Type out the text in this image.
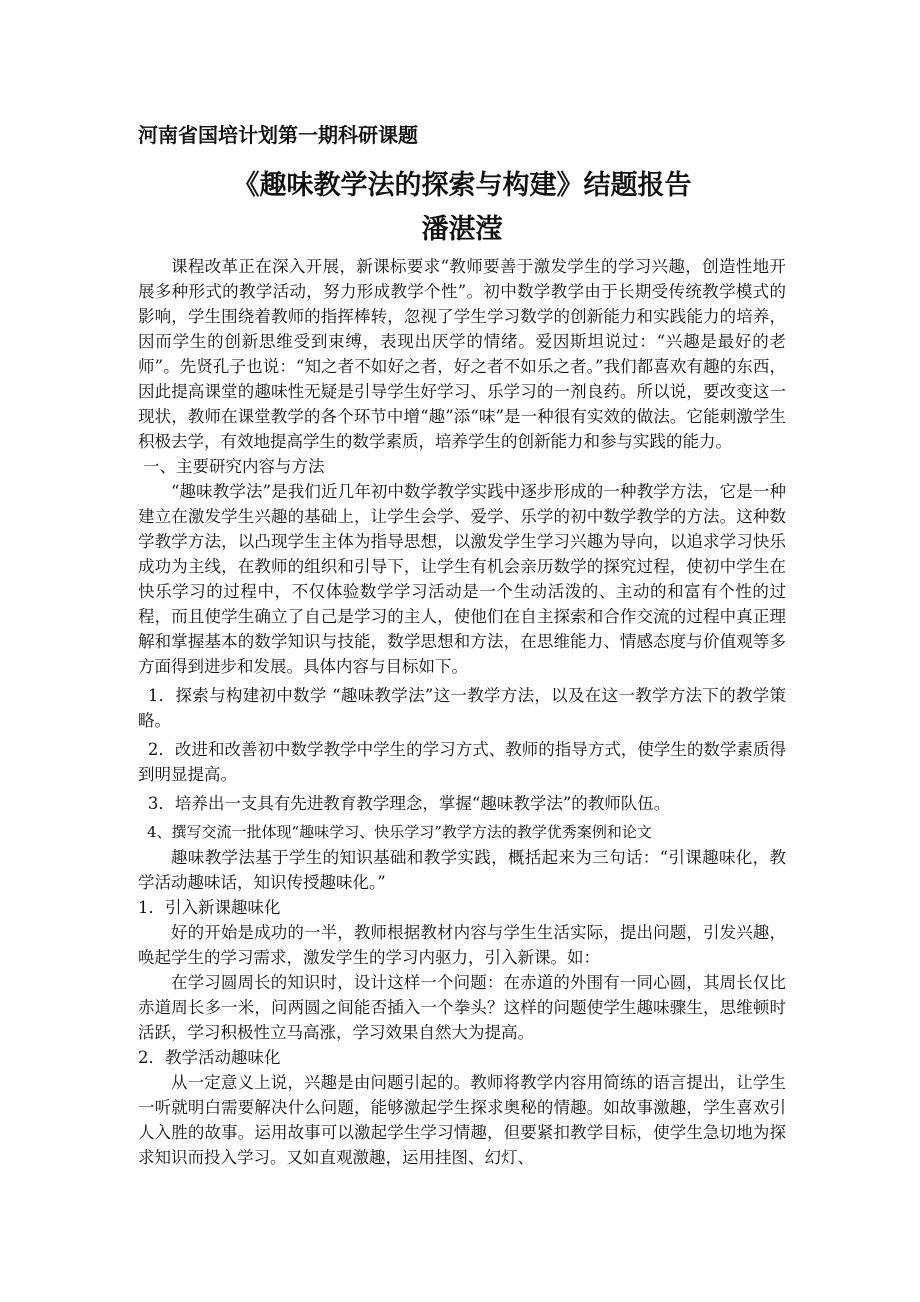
河南省国培计划第一期科研课题
《趣味教学法的探索与构建》结题报告
潘湛滢

课程改革正在深入开展，新课标要求“教师要善于激发学生的学习兴趣，创造性地开展多种形式的教学活动，努力形成教学个性”。初中数学教学由于长期受传统教学模式的影响，学生围绕着教师的指挥棒转，忽视了学生学习数学的创新能力和实践能力的培养，因而学生的创新思维受到束缚，表现出厌学的情绪。爱因斯坦说过：“兴趣是最好的老师”。先贤孔子也说：“知之者不如好之者，好之者不如乐之者。”我们都喜欢有趣的东西，因此提高课堂的趣味性无疑是引导学生好学习、乐学习的一剂良药。所以说，要改变这一现状，教师在课堂教学的各个环节中增“趣”添“味”是一种很有实效的做法。它能刺激学生积极去学，有效地提高学生的数学素质，培养学生的创新能力和参与实践的能力。

一、主要研究内容与方法

“趣味教学法”是我们近几年初中数学教学实践中逐步形成的一种教学方法，它是一种建立在激发学生兴趣的基础上，让学生会学、爱学、乐学的初中数学教学的方法。这种数学教学方法，以凸现学生主体为指导思想，以激发学生学习兴趣为导向，以追求学习快乐成功为主线，在教师的组织和引导下，让学生有机会亲历数学的探究过程，使初中学生在快乐学习的过程中，不仅体验数学学习活动是一个生动活泼的、主动的和富有个性的过程，而且使学生确立了自己是学习的主人，使他们在自主探索和合作交流的过程中真正理解和掌握基本的数学知识与技能，数学思想和方法，在思维能力、情感态度与价值观等多方面得到进步和发展。具体内容与目标如下。

1．探索与构建初中数学 “趣味教学法”这一教学方法，以及在这一教学方法下的教学策略。

2．改进和改善初中数学教学中学生的学习方式、教师的指导方式，使学生的数学素质得到明显提高。

3．培养出一支具有先进教育教学理念，掌握“趣味教学法”的教师队伍。

4、撰写交流一批体现“趣味学习、快乐学习”教学方法的教学优秀案例和论文

趣味教学法基于学生的知识基础和教学实践，概括起来为三句话：“引课趣味化，教学活动趣味话，知识传授趣味化。”

1．引入新课趣味化

好的开始是成功的一半，教师根据教材内容与学生生活实际，提出问题，引发兴趣，唤起学生的学习需求，激发学生的学习内驱力，引入新课。如：

在学习圆周长的知识时，设计这样一个问题：在赤道的外围有一同心圆，其周长仅比赤道周长多一米，问两圆之间能否插入一个拳头？这样的问题使学生趣味骤生，思维顿时活跃，学习积极性立马高涨，学习效果自然大为提高。

2．教学活动趣味化

从一定意义上说，兴趣是由问题引起的。教师将教学内容用简练的语言提出，让学生一听就明白需要解决什么问题，能够激起学生探求奥秘的情趣。如故事激趣，学生喜欢引人入胜的故事。运用故事可以激起学生学习情趣，但要紧扣教学目标，使学生急切地为探求知识而投入学习。又如直观激趣，运用挂图、幻灯、
